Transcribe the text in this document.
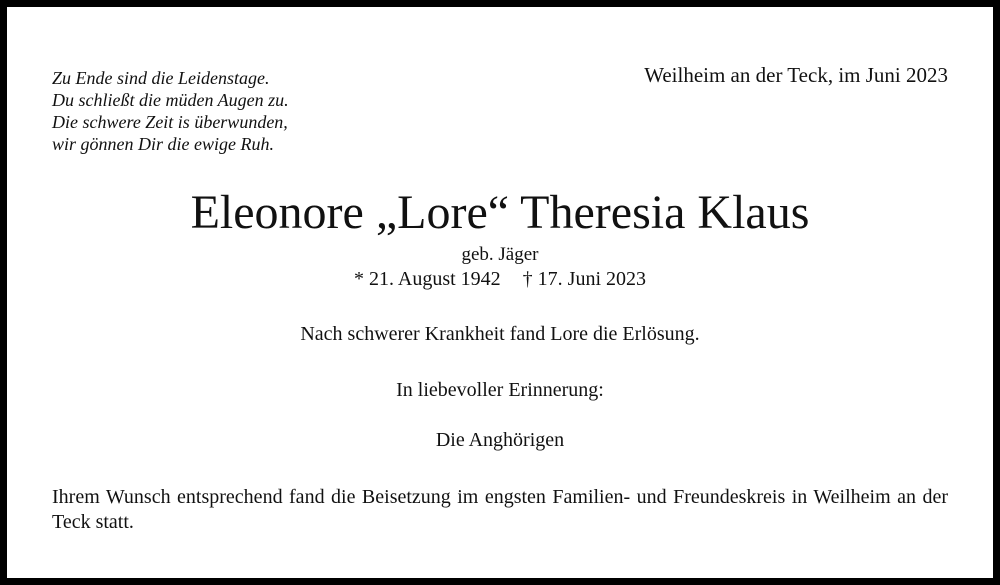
Zu Ende sind die Leidenstage.
Du schließt die müden Augen zu.
Die schwere Zeit is überwunden,
wir gönnen Dir die ewige Ruh.
Weilheim an der Teck, im Juni 2023
Eleonore „Lore“ Theresia Klaus
geb. Jäger
* 21. August 1942 † 17. Juni 2023
Nach schwerer Krankheit fand Lore die Erlösung.
In liebevoller Erinnerung:
Die Anghörigen
Ihrem Wunsch entsprechend fand die Beisetzung im engsten Familien- und Freundeskreis in Weilheim an der Teck statt.
